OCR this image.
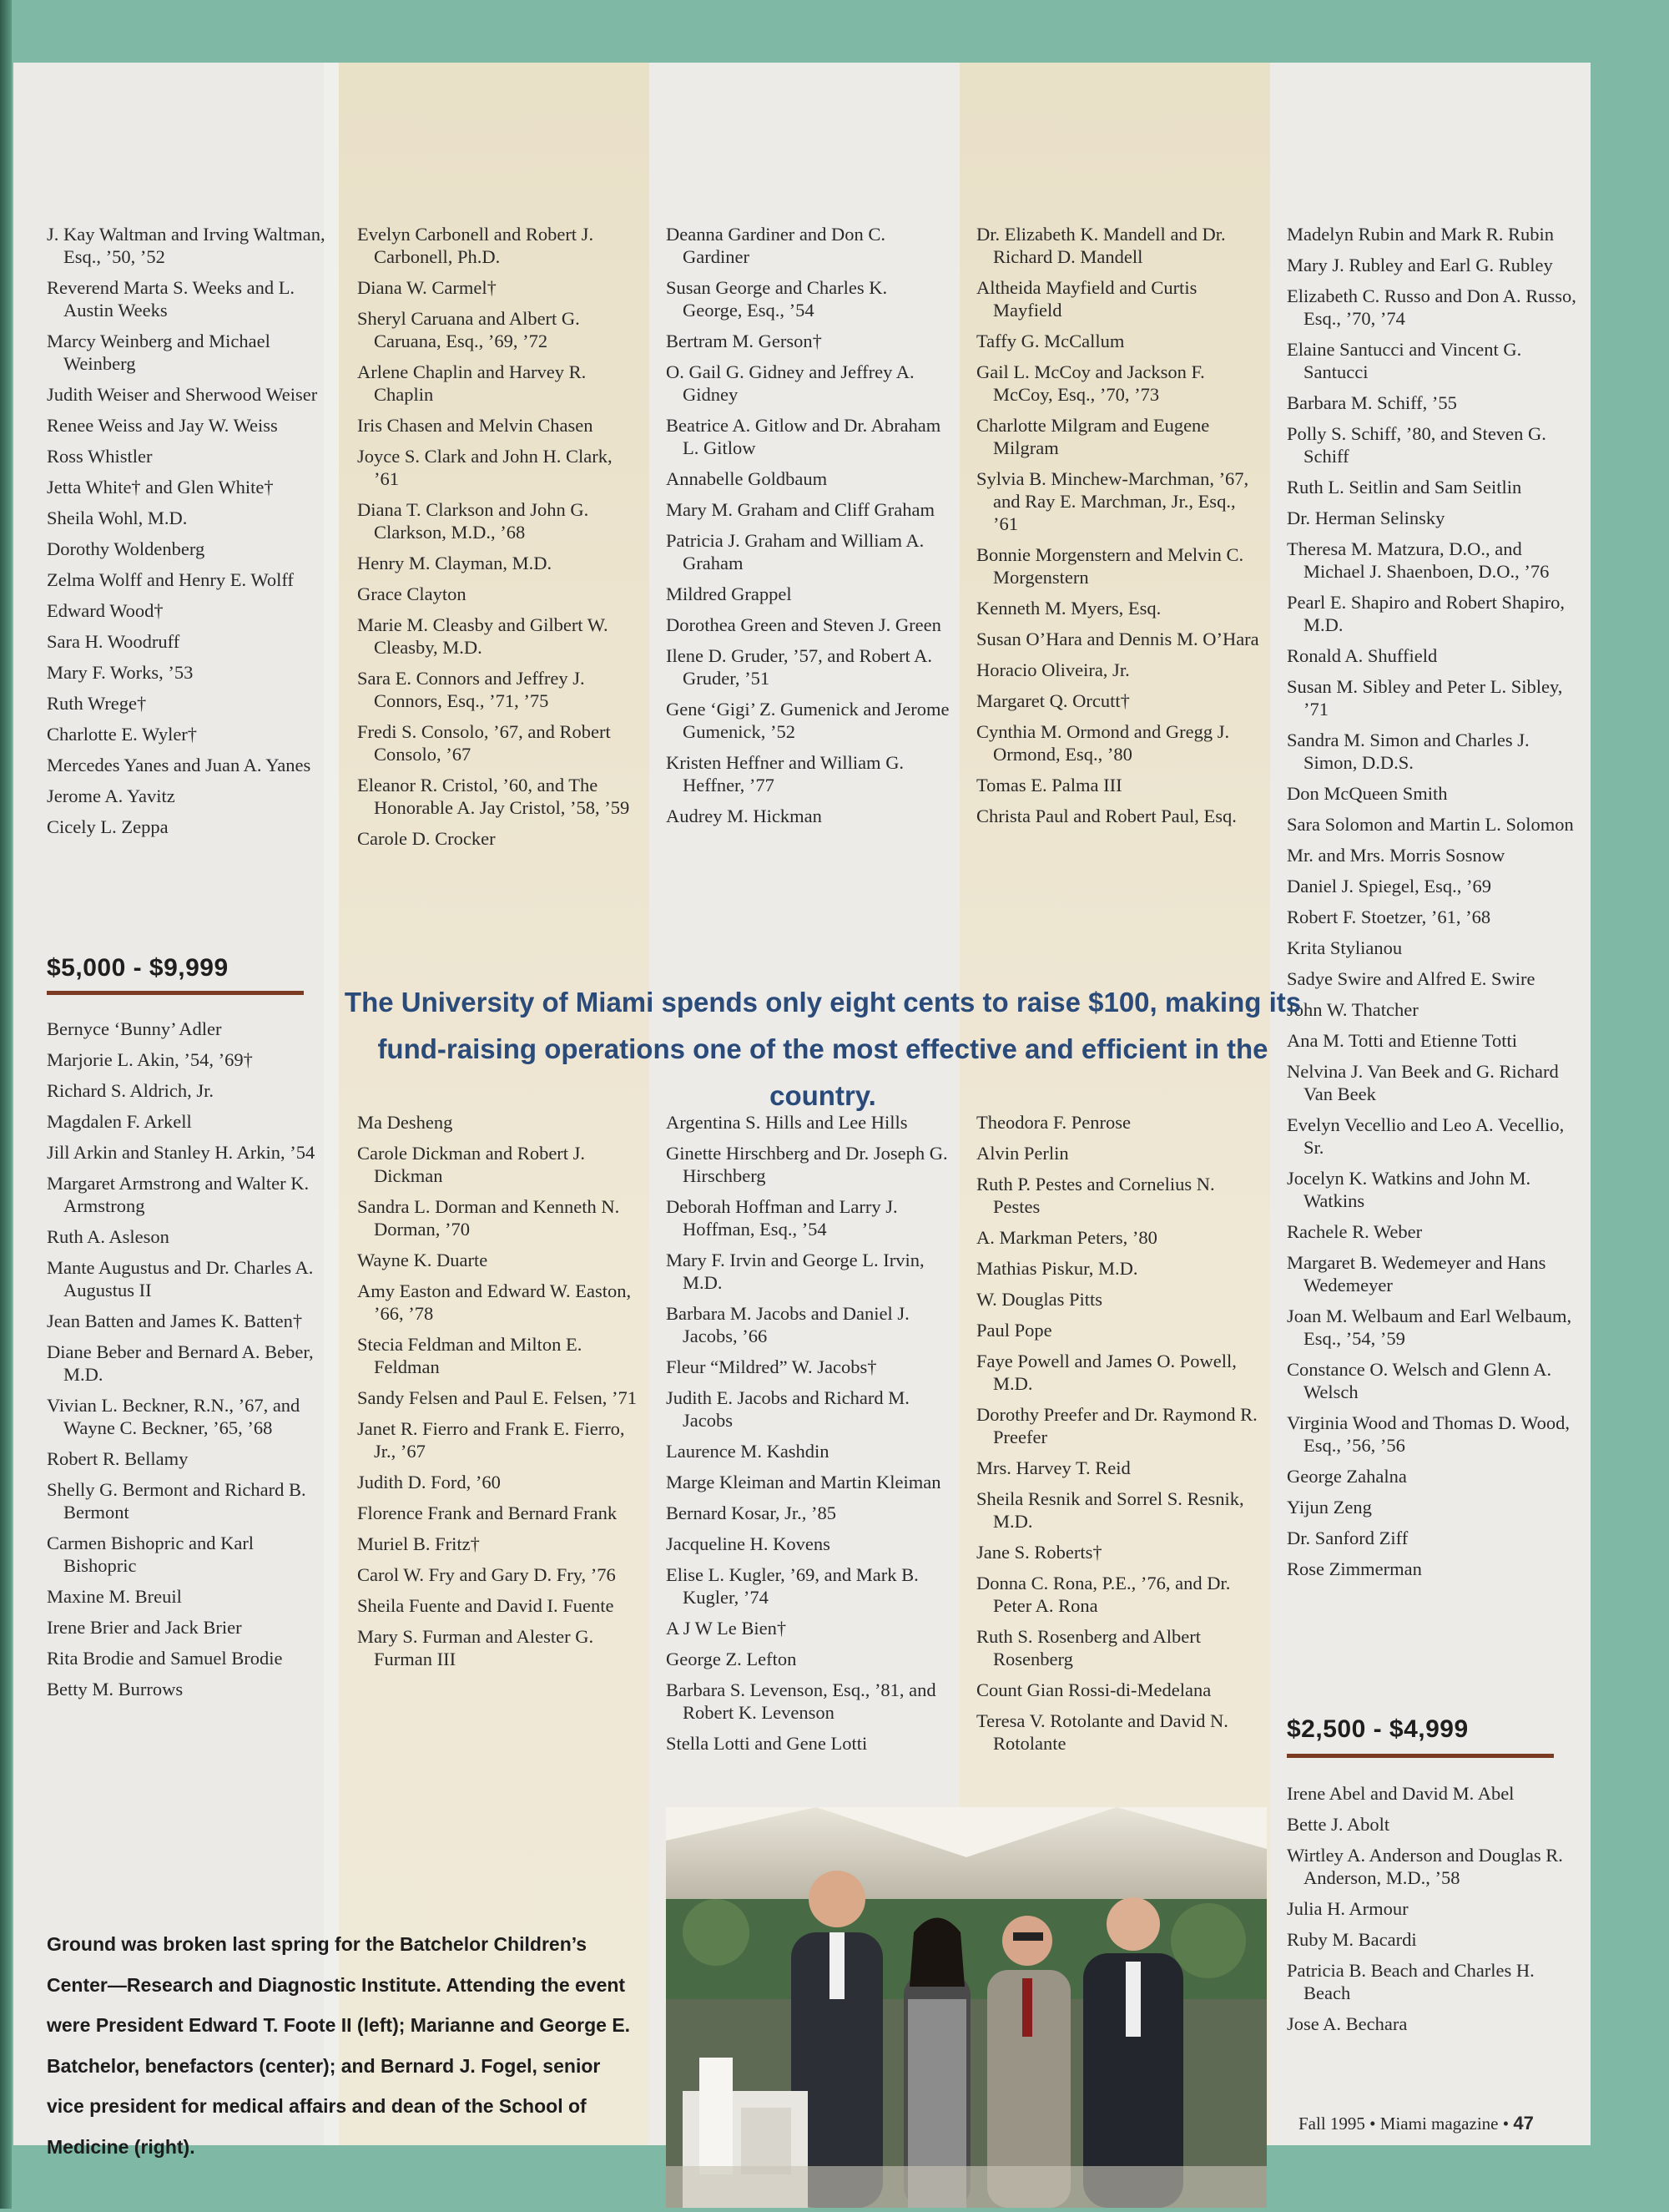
J. Kay Waltman and Irving Waltman, Esq., ’50, ’52
Reverend Marta S. Weeks and L. Austin Weeks
Marcy Weinberg and Michael Weinberg
Judith Weiser and Sherwood Weiser
Renee Weiss and Jay W. Weiss
Ross Whistler
Jetta White† and Glen White†
Sheila Wohl, M.D.
Dorothy Woldenberg
Zelma Wolff and Henry E. Wolff
Edward Wood†
Sara H. Woodruff
Mary F. Works, ’53
Ruth Wrege†
Charlotte E. Wyler†
Mercedes Yanes and Juan A. Yanes
Jerome A. Yavitz
Cicely L. Zeppa
Evelyn Carbonell and Robert J. Carbonell, Ph.D.
Diana W. Carmel†
Sheryl Caruana and Albert G. Caruana, Esq., ’69, ’72
Arlene Chaplin and Harvey R. Chaplin
Iris Chasen and Melvin Chasen
Joyce S. Clark and John H. Clark, ’61
Diana T. Clarkson and John G. Clarkson, M.D., ’68
Henry M. Clayman, M.D.
Grace Clayton
Marie M. Cleasby and Gilbert W. Cleasby, M.D.
Sara E. Connors and Jeffrey J. Connors, Esq., ’71, ’75
Fredi S. Consolo, ’67, and Robert Consolo, ’67
Eleanor R. Cristol, ’60, and The Honorable A. Jay Cristol, ’58, ’59
Carole D. Crocker
Deanna Gardiner and Don C. Gardiner
Susan George and Charles K. George, Esq., ’54
Bertram M. Gerson†
O. Gail G. Gidney and Jeffrey A. Gidney
Beatrice A. Gitlow and Dr. Abraham L. Gitlow
Annabelle Goldbaum
Mary M. Graham and Cliff Graham
Patricia J. Graham and William A. Graham
Mildred Grappel
Dorothea Green and Steven J. Green
Ilene D. Gruder, ’57, and Robert A. Gruder, ’51
Gene ‘Gigi’ Z. Gumenick and Jerome Gumenick, ’52
Kristen Heffner and William G. Heffner, ’77
Audrey M. Hickman
Dr. Elizabeth K. Mandell and Dr. Richard D. Mandell
Altheida Mayfield and Curtis Mayfield
Taffy G. McCallum
Gail L. McCoy and Jackson F. McCoy, Esq., ’70, ’73
Charlotte Milgram and Eugene Milgram
Sylvia B. Minchew-Marchman, ’67, and Ray E. Marchman, Jr., Esq., ’61
Bonnie Morgenstern and Melvin C. Morgenstern
Kenneth M. Myers, Esq.
Susan O’Hara and Dennis M. O’Hara
Horacio Oliveira, Jr.
Margaret Q. Orcutt†
Cynthia M. Ormond and Gregg J. Ormond, Esq., ’80
Tomas E. Palma III
Christa Paul and Robert Paul, Esq.
Madelyn Rubin and Mark R. Rubin
Mary J. Rubley and Earl G. Rubley
Elizabeth C. Russo and Don A. Russo, Esq., ’70, ’74
Elaine Santucci and Vincent G. Santucci
Barbara M. Schiff, ’55
Polly S. Schiff, ’80, and Steven G. Schiff
Ruth L. Seitlin and Sam Seitlin
Dr. Herman Selinsky
Theresa M. Matzura, D.O., and Michael J. Shaenboen, D.O., ’76
Pearl E. Shapiro and Robert Shapiro, M.D.
Ronald A. Shuffield
Susan M. Sibley and Peter L. Sibley, ’71
Sandra M. Simon and Charles J. Simon, D.D.S.
Don McQueen Smith
Sara Solomon and Martin L. Solomon
Mr. and Mrs. Morris Sosnow
Daniel J. Spiegel, Esq., ’69
Robert F. Stoetzer, ’61, ’68
Krita Stylianou
Sadye Swire and Alfred E. Swire
John W. Thatcher
Ana M. Totti and Etienne Totti
Nelvina J. Van Beek and G. Richard Van Beek
Evelyn Vecellio and Leo A. Vecellio, Sr.
Jocelyn K. Watkins and John M. Watkins
Rachele R. Weber
Margaret B. Wedemeyer and Hans Wedemeyer
Joan M. Welbaum and Earl Welbaum, Esq., ’54, ’59
Constance O. Welsch and Glenn A. Welsch
Virginia Wood and Thomas D. Wood, Esq., ’56, ’56
George Zahalna
Yijun Zeng
Dr. Sanford Ziff
Rose Zimmerman
$5,000 - $9,999
The University of Miami spends only eight cents to raise $100, making its fund-raising operations one of the most effective and efficient in the country.
Bernyce ‘Bunny’ Adler
Marjorie L. Akin, ’54, ’69†
Richard S. Aldrich, Jr.
Magdalen F. Arkell
Jill Arkin and Stanley H. Arkin, ’54
Margaret Armstrong and Walter K. Armstrong
Ruth A. Asleson
Mante Augustus and Dr. Charles A. Augustus II
Jean Batten and James K. Batten†
Diane Beber and Bernard A. Beber, M.D.
Vivian L. Beckner, R.N., ’67, and Wayne C. Beckner, ’65, ’68
Robert R. Bellamy
Shelly G. Bermont and Richard B. Bermont
Carmen Bishopric and Karl Bishopric
Maxine M. Breuil
Irene Brier and Jack Brier
Rita Brodie and Samuel Brodie
Betty M. Burrows
Ma Desheng
Carole Dickman and Robert J. Dickman
Sandra L. Dorman and Kenneth N. Dorman, ’70
Wayne K. Duarte
Amy Easton and Edward W. Easton, ’66, ’78
Stecia Feldman and Milton E. Feldman
Sandy Felsen and Paul E. Felsen, ’71
Janet R. Fierro and Frank E. Fierro, Jr., ’67
Judith D. Ford, ’60
Florence Frank and Bernard Frank
Muriel B. Fritz†
Carol W. Fry and Gary D. Fry, ’76
Sheila Fuente and David I. Fuente
Mary S. Furman and Alester G. Furman III
Argentina S. Hills and Lee Hills
Ginette Hirschberg and Dr. Joseph G. Hirschberg
Deborah Hoffman and Larry J. Hoffman, Esq., ’54
Mary F. Irvin and George L. Irvin, M.D.
Barbara M. Jacobs and Daniel J. Jacobs, ’66
Fleur “Mildred” W. Jacobs†
Judith E. Jacobs and Richard M. Jacobs
Laurence M. Kashdin
Marge Kleiman and Martin Kleiman
Bernard Kosar, Jr., ’85
Jacqueline H. Kovens
Elise L. Kugler, ’69, and Mark B. Kugler, ’74
A J W Le Bien†
George Z. Lefton
Barbara S. Levenson, Esq., ’81, and Robert K. Levenson
Stella Lotti and Gene Lotti
Theodora F. Penrose
Alvin Perlin
Ruth P. Pestes and Cornelius N. Pestes
A. Markman Peters, ’80
Mathias Piskur, M.D.
W. Douglas Pitts
Paul Pope
Faye Powell and James O. Powell, M.D.
Dorothy Preefer and Dr. Raymond R. Preefer
Mrs. Harvey T. Reid
Sheila Resnik and Sorrel S. Resnik, M.D.
Jane S. Roberts†
Donna C. Rona, P.E., ’76, and Dr. Peter A. Rona
Ruth S. Rosenberg and Albert Rosenberg
Count Gian Rossi-di-Medelana
Teresa V. Rotolante and David N. Rotolante
$2,500 - $4,999
Irene Abel and David M. Abel
Bette J. Abolt
Wirtley A. Anderson and Douglas R. Anderson, M.D., ’58
Julia H. Armour
Ruby M. Bacardi
Patricia B. Beach and Charles H. Beach
Jose A. Bechara
Ground was broken last spring for the Batchelor Children’s Center—Research and Diagnostic Institute. Attending the event were President Edward T. Foote II (left); Marianne and George E. Batchelor, benefactors (center); and Bernard J. Fogel, senior vice president for medical affairs and dean of the School of Medicine (right).
Fall 1995 • Miami magazine • 47
